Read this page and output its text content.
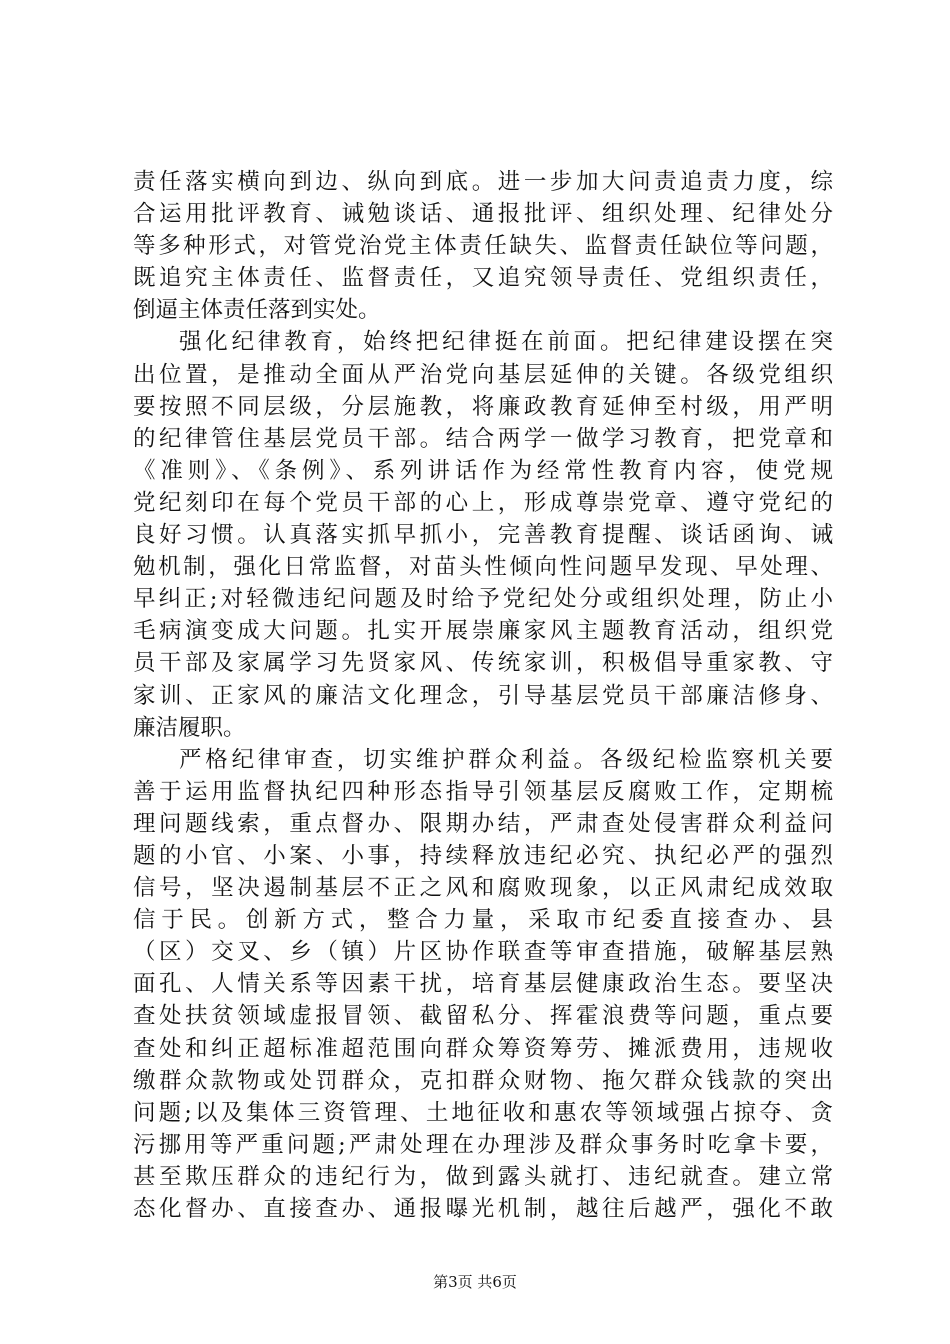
责任落实横向到边、纵向到底。进一步加大问责追责力度，综
合运用批评教育、诫勉谈话、通报批评、组织处理、纪律处分
等多种形式，对管党治党主体责任缺失、监督责任缺位等问题，
既追究主体责任、监督责任，又追究领导责任、党组织责任，
倒逼主体责任落到实处。
强化纪律教育，始终把纪律挺在前面。把纪律建设摆在突
出位置，是推动全面从严治党向基层延伸的关键。各级党组织
要按照不同层级，分层施教，将廉政教育延伸至村级，用严明
的纪律管住基层党员干部。结合两学一做学习教育，把党章和
《准则》、《条例》、系列讲话作为经常性教育内容，使党规
党纪刻印在每个党员干部的心上，形成尊崇党章、遵守党纪的
良好习惯。认真落实抓早抓小，完善教育提醒、谈话函询、诫
勉机制，强化日常监督，对苗头性倾向性问题早发现、早处理、
早纠正;对轻微违纪问题及时给予党纪处分或组织处理，防止小
毛病演变成大问题。扎实开展崇廉家风主题教育活动，组织党
员干部及家属学习先贤家风、传统家训，积极倡导重家教、守
家训、正家风的廉洁文化理念，引导基层党员干部廉洁修身、
廉洁履职。
严格纪律审查，切实维护群众利益。各级纪检监察机关要
善于运用监督执纪四种形态指导引领基层反腐败工作，定期梳
理问题线索，重点督办、限期办结，严肃查处侵害群众利益问
题的小官、小案、小事，持续释放违纪必究、执纪必严的强烈
信号，坚决遏制基层不正之风和腐败现象，以正风肃纪成效取
信于民。创新方式，整合力量，采取市纪委直接查办、县
（区）交叉、乡（镇）片区协作联查等审查措施，破解基层熟
面孔、人情关系等因素干扰，培育基层健康政治生态。要坚决
查处扶贫领域虚报冒领、截留私分、挥霍浪费等问题，重点要
查处和纠正超标准超范围向群众筹资筹劳、摊派费用，违规收
缴群众款物或处罚群众，克扣群众财物、拖欠群众钱款的突出
问题;以及集体三资管理、土地征收和惠农等领域强占掠夺、贪
污挪用等严重问题;严肃处理在办理涉及群众事务时吃拿卡要，
甚至欺压群众的违纪行为，做到露头就打、违纪就查。建立常
态化督办、直接查办、通报曝光机制，越往后越严，强化不敢
第3页 共6页
